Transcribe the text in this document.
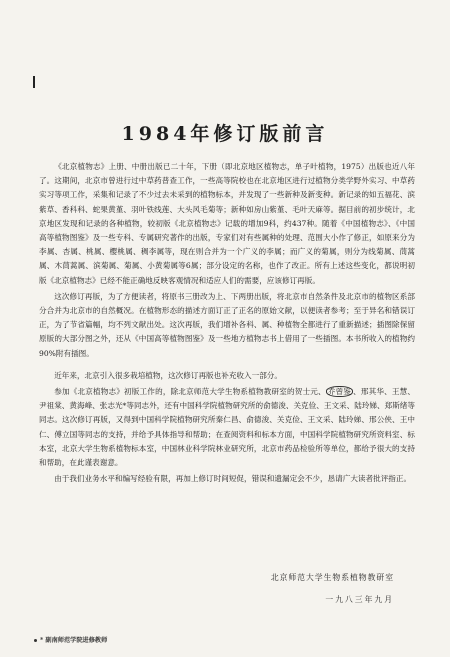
1984年修订版前言

《北京植物志》上册、中册出版已二十年，下册（即北京地区植物志，单子叶植物，1975）出版也近八年了。这期间，北京市曾进行过中草药普查工作，一些高等院校也在北京地区进行过植物分类学野外实习、中草药实习等项工作，采集和记录了不少过去未采到的植物标本，并发现了一些新种及新变种。新记录的如五福花、滨紫草、香科科、蛇果黄堇、羽叶铁线莲、大头风毛菊等；新种如房山紫堇、毛叶天麻等。据目前的初步统计，北京地区发现和记录的各种植物，较初版《北京植物志》记载的增加9科，约437种。随着《中国植物志》、《中国高等植物图鉴》及一些专科、专属研究著作的出版，专家们对有些属种的处理、范围大小作了修正，如原来分为李属、杏属、桃属、樱桃属、稠李属等，现在则合并为一个广义的李属；而广义的菊属，则分为线菊属、茼蒿属、木茼蒿属、滨菊属、菊属、小黄菊属等6属；部分设定的名称，也作了改正。所有上述这些变化，都说明初版《北京植物志》已经不能正确地反映客观情况和适应人们的需要，应该修订再版。

这次修订再版，为了方便读者，将原书三册改为上、下两册出版，将北京市自然条件及北京市的植物区系部分合并为北京市的自然概况。在植物形态的描述方面订正了正名的原始文献，以便读者参考；至于异名和错误订正，为了节省篇幅，均不列文献出处。这次再版，我们增补各科、属、种植物全都进行了重新描述；插图除保留原版的大部分图之外，还从《中国高等植物图鉴》及一些地方植物志书上借用了一些插图。本书所收入的植物约90%附有插图。

近年来，北京引入很多栽培植物，这次修订再版也补充收入一部分。

参加《北京植物志》初版工作的，除北京师范大学生物系植物教研室的贺士元、 乔曾鉴 、邢其华、王慧、尹祖棠、黄海峰、张志光*等同志外，还有中国科学院植物研究所的俞德浚、关克俭、王文采、陆玲娣、郑斯绪等同志。这次修订再版，又得到中国科学院植物研究所秦仁昌、俞德浚、关克俭、王文采、陆玲娣、邢公侠、王中仁、傅立国等同志的支持，并给予具体指导和帮助；在查阅资料和标本方面，中国科学院植物研究所资料室、标本室，北京大学生物系植物标本室，中国林业科学院林业研究所，北京市药品检验所等单位，都给予很大的支持和帮助，在此谨表谢意。

由于我们业务水平和编写经验有限，再加上修订时间短促，错误和遗漏定会不少，恳请广大读者批评指正。

北京师范大学生物系植物教研室
一九八三年九月
* 副南师范学院进修教师
